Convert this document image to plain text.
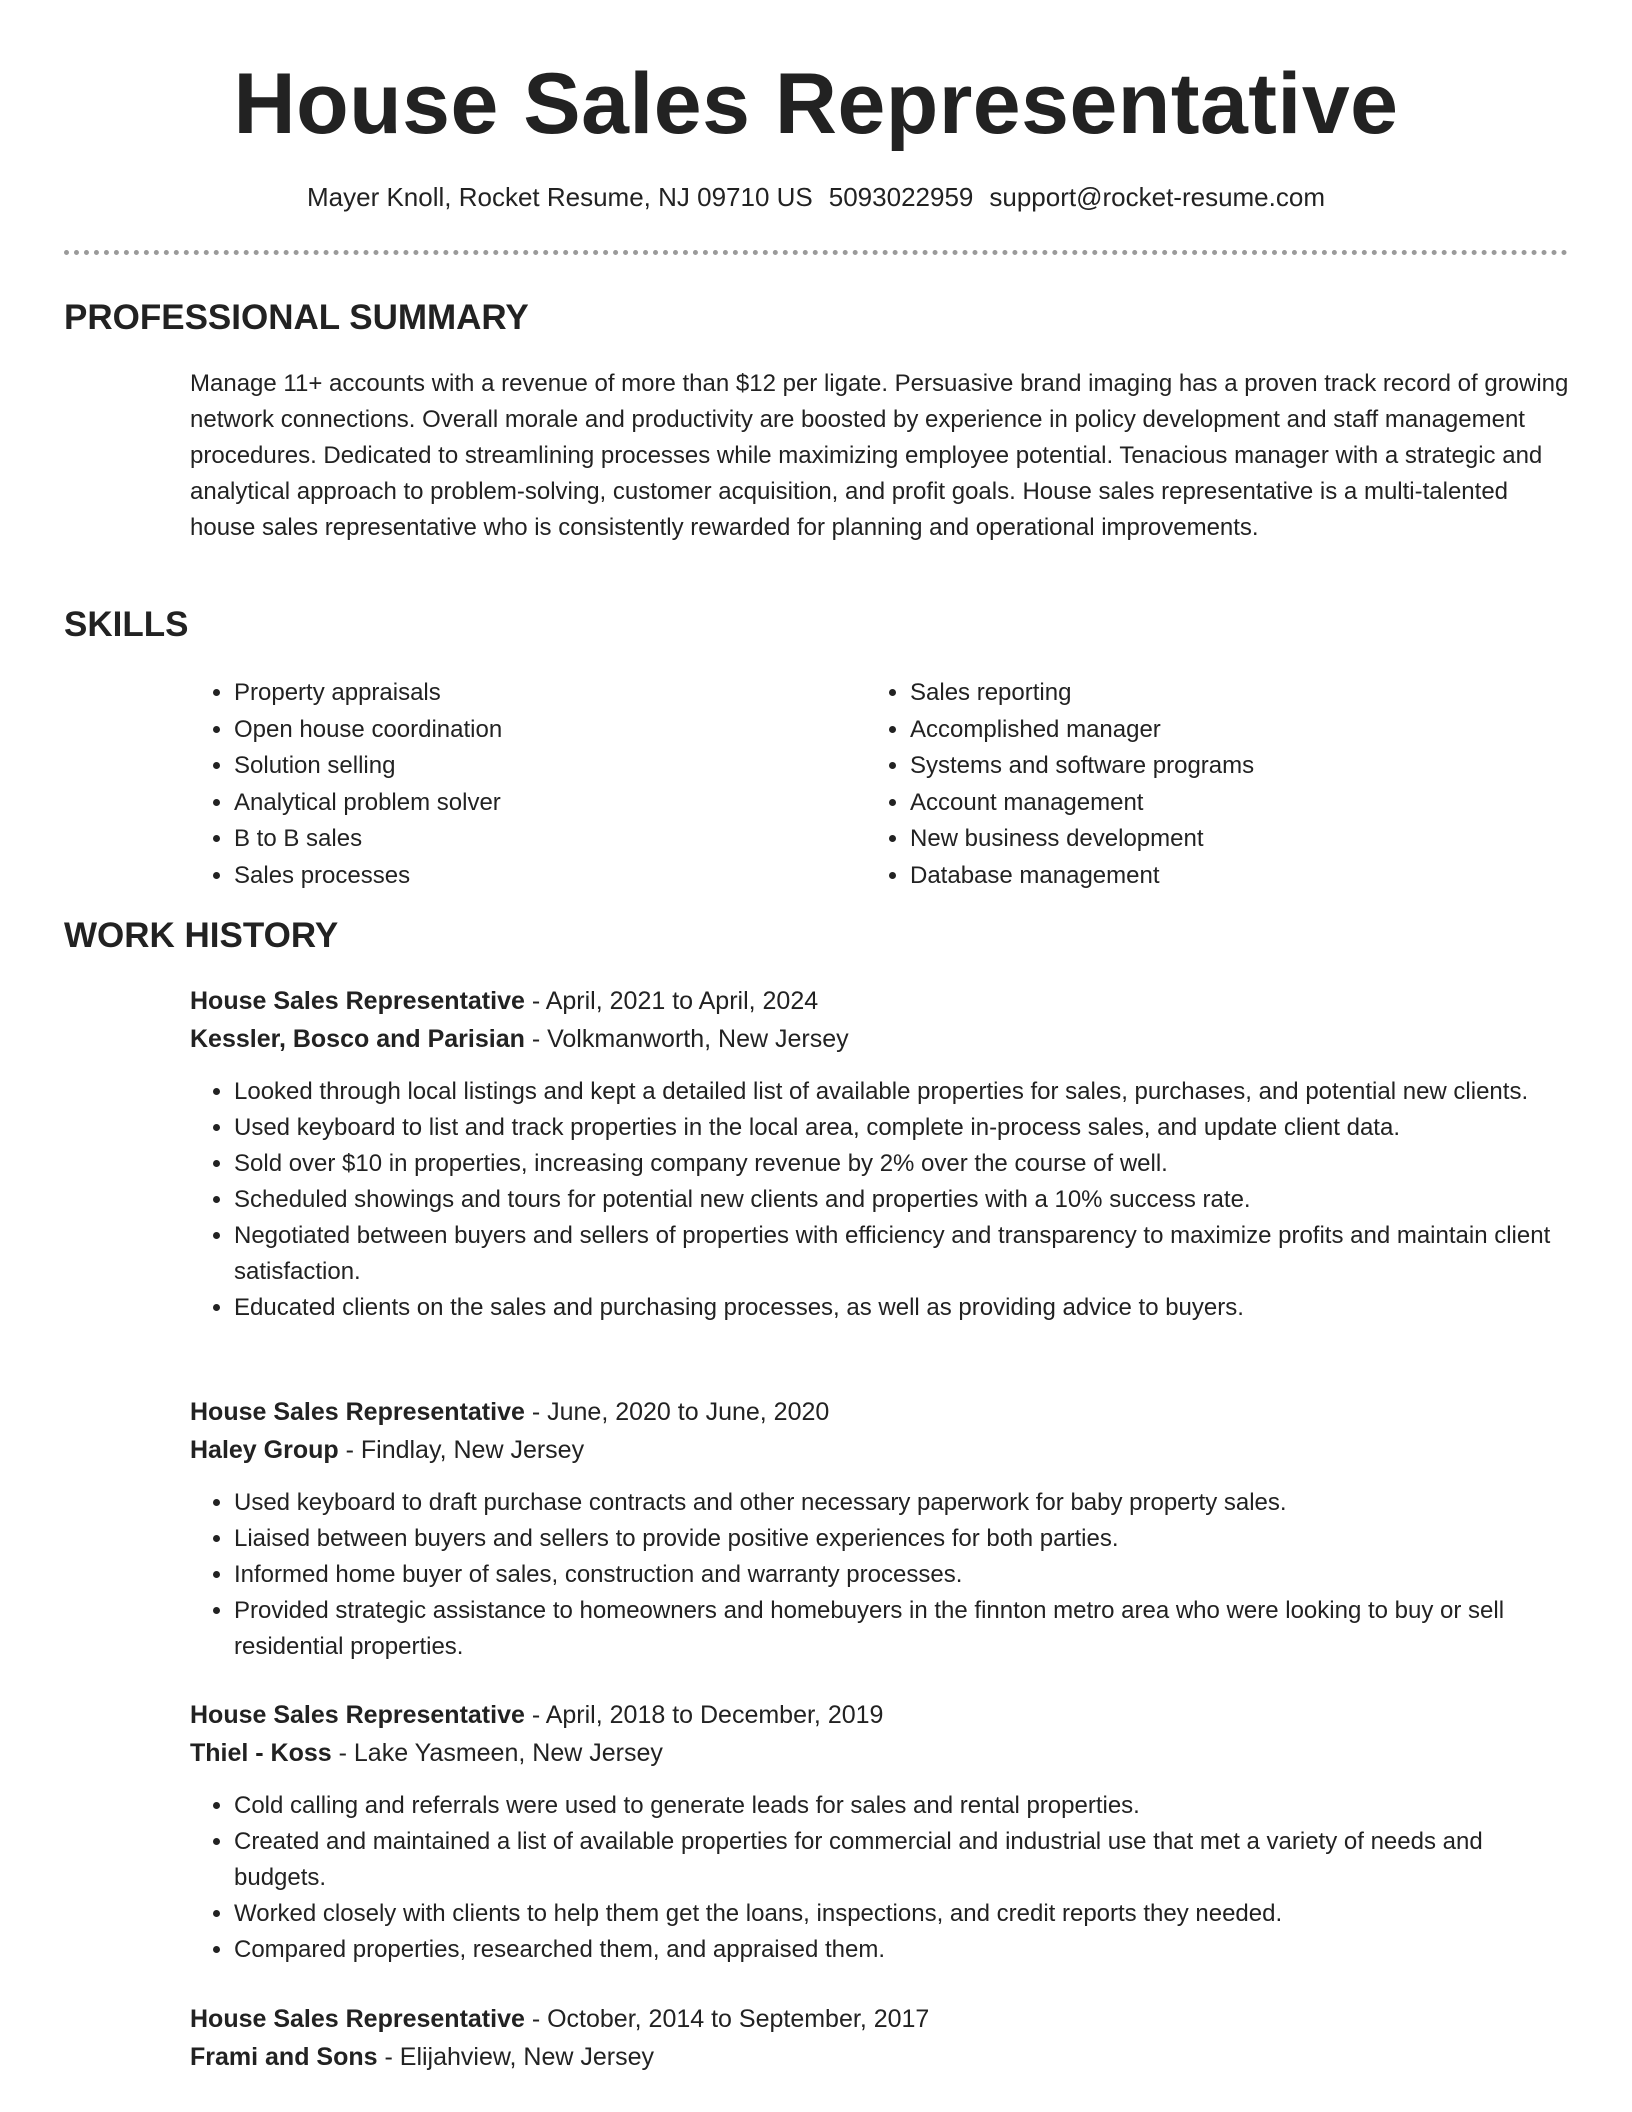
House Sales Representative
Mayer Knoll, Rocket Resume, NJ 09710 US 5093022959 support@rocket-resume.com
PROFESSIONAL SUMMARY
Manage 11+ accounts with a revenue of more than $12 per ligate. Persuasive brand imaging has a proven track record of growing network connections. Overall morale and productivity are boosted by experience in policy development and staff management procedures. Dedicated to streamlining processes while maximizing employee potential. Tenacious manager with a strategic and analytical approach to problem-solving, customer acquisition, and profit goals. House sales representative is a multi-talented house sales representative who is consistently rewarded for planning and operational improvements.
SKILLS
• Property appraisals
• Open house coordination
• Solution selling
• Analytical problem solver
• B to B sales
• Sales processes
• Sales reporting
• Accomplished manager
• Systems and software programs
• Account management
• New business development
• Database management
WORK HISTORY
House Sales Representative - April, 2021 to April, 2024
Kessler, Bosco and Parisian - Volkmanworth, New Jersey
• Looked through local listings and kept a detailed list of available properties for sales, purchases, and potential new clients.
• Used keyboard to list and track properties in the local area, complete in-process sales, and update client data.
• Sold over $10 in properties, increasing company revenue by 2% over the course of well.
• Scheduled showings and tours for potential new clients and properties with a 10% success rate.
• Negotiated between buyers and sellers of properties with efficiency and transparency to maximize profits and maintain client satisfaction.
• Educated clients on the sales and purchasing processes, as well as providing advice to buyers.
House Sales Representative - June, 2020 to June, 2020
Haley Group - Findlay, New Jersey
• Used keyboard to draft purchase contracts and other necessary paperwork for baby property sales.
• Liaised between buyers and sellers to provide positive experiences for both parties.
• Informed home buyer of sales, construction and warranty processes.
• Provided strategic assistance to homeowners and homebuyers in the finnton metro area who were looking to buy or sell residential properties.
House Sales Representative - April, 2018 to December, 2019
Thiel - Koss - Lake Yasmeen, New Jersey
• Cold calling and referrals were used to generate leads for sales and rental properties.
• Created and maintained a list of available properties for commercial and industrial use that met a variety of needs and budgets.
• Worked closely with clients to help them get the loans, inspections, and credit reports they needed.
• Compared properties, researched them, and appraised them.
House Sales Representative - October, 2014 to September, 2017
Frami and Sons - Elijahview, New Jersey
